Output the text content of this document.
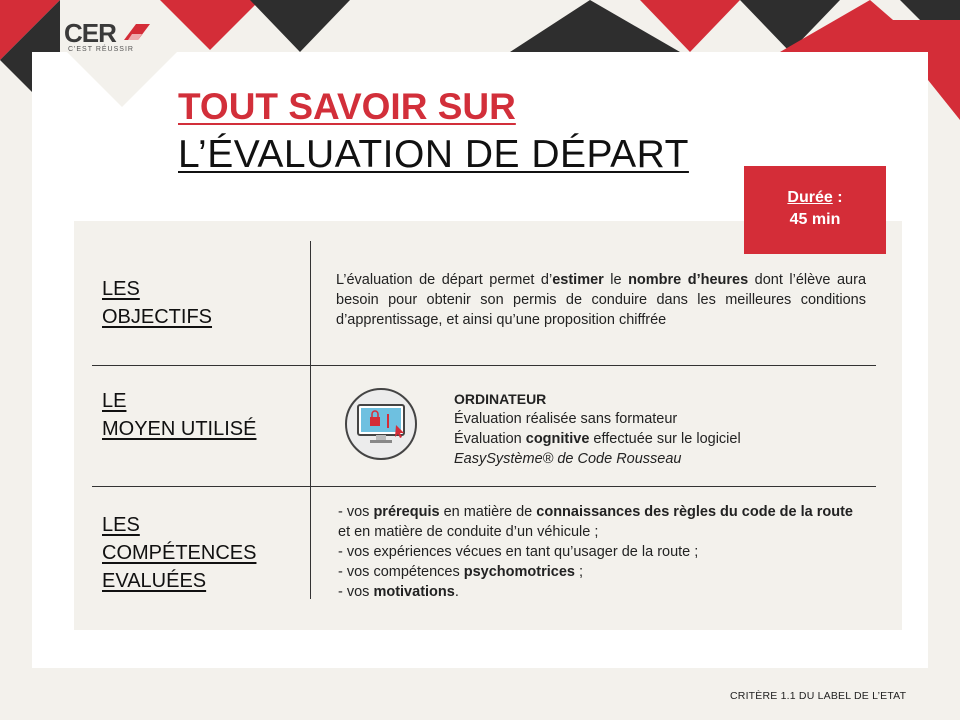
CER
C'EST RÉUSSIR
TOUT SAVOIR SUR
L’ÉVALUATION DE DÉPART
LES
OBJECTIFS
L’évaluation de départ permet d’estimer le nombre d’heures dont l’élève aura besoin pour obtenir son permis de conduire dans les meilleures conditions d’apprentissage, et ainsi qu’une proposition chiffrée
LE
MOYEN UTILISÉ
ORDINATEUR
Évaluation réalisée sans formateur
Évaluation cognitive effectuée sur le logiciel
EasySystème® de Code Rousseau
LES
COMPÉTENCES
EVALUÉES
- vos prérequis en matière de connaissances des règles du code de la route et en matière de conduite d’un véhicule ;
- vos expériences vécues en tant qu’usager de la route ;
- vos compétences psychomotrices ;
- vos motivations.
Durée :
45 min
CRITÈRE 1.1 DU LABEL DE L’ETAT
